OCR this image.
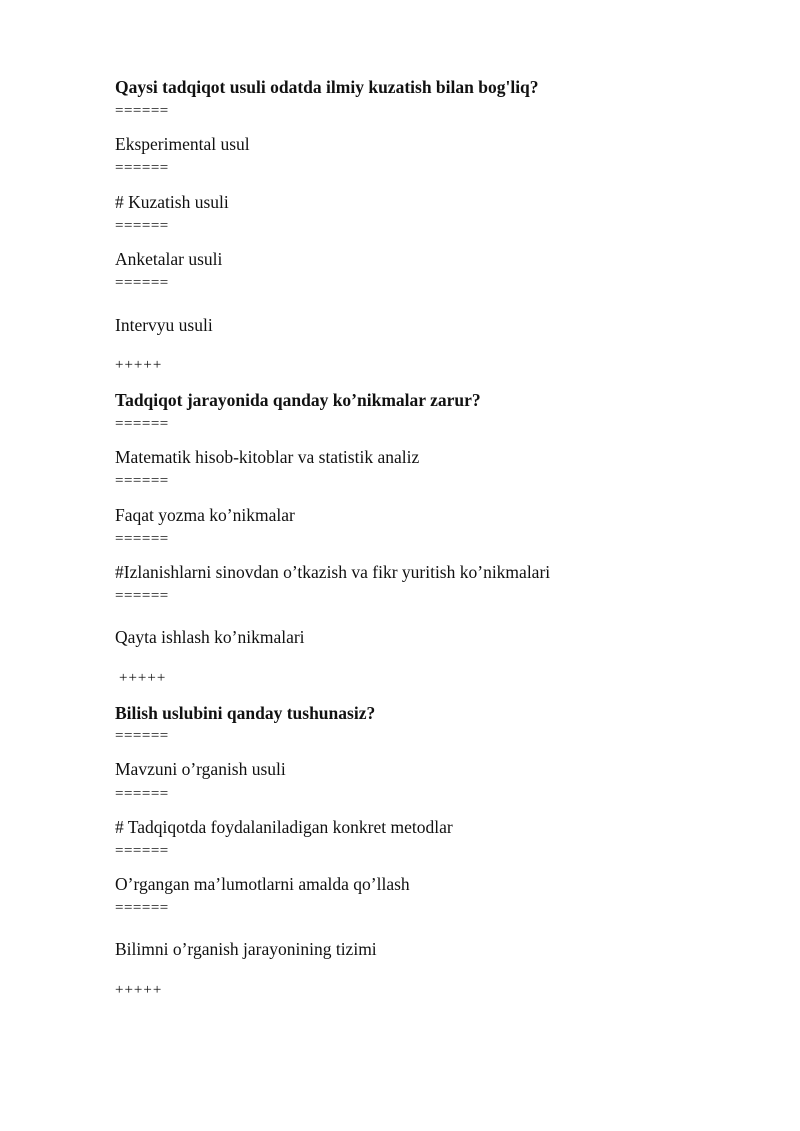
Qaysi tadqiqot usuli odatda ilmiy kuzatish bilan bog'liq?
======
Eksperimental usul
======
# Kuzatish usuli
======
Anketalar usuli
======
Intervyu usuli
+++++
Tadqiqot jarayonida qanday ko’nikmalar zarur?
======
Matematik hisob-kitoblar va statistik analiz
======
Faqat yozma ko’nikmalar
======
#Izlanishlarni sinovdan o’tkazish va fikr yuritish ko’nikmalari
======
Qayta ishlash ko’nikmalari
+++++
Bilish uslubini qanday tushunasiz?
======
Mavzuni o’rganish usuli
======
# Tadqiqotda foydalaniladigan konkret metodlar
======
O’rgangan ma’lumotlarni amalda qo’llash
======
Bilimni o’rganish jarayonining tizimi
+++++
